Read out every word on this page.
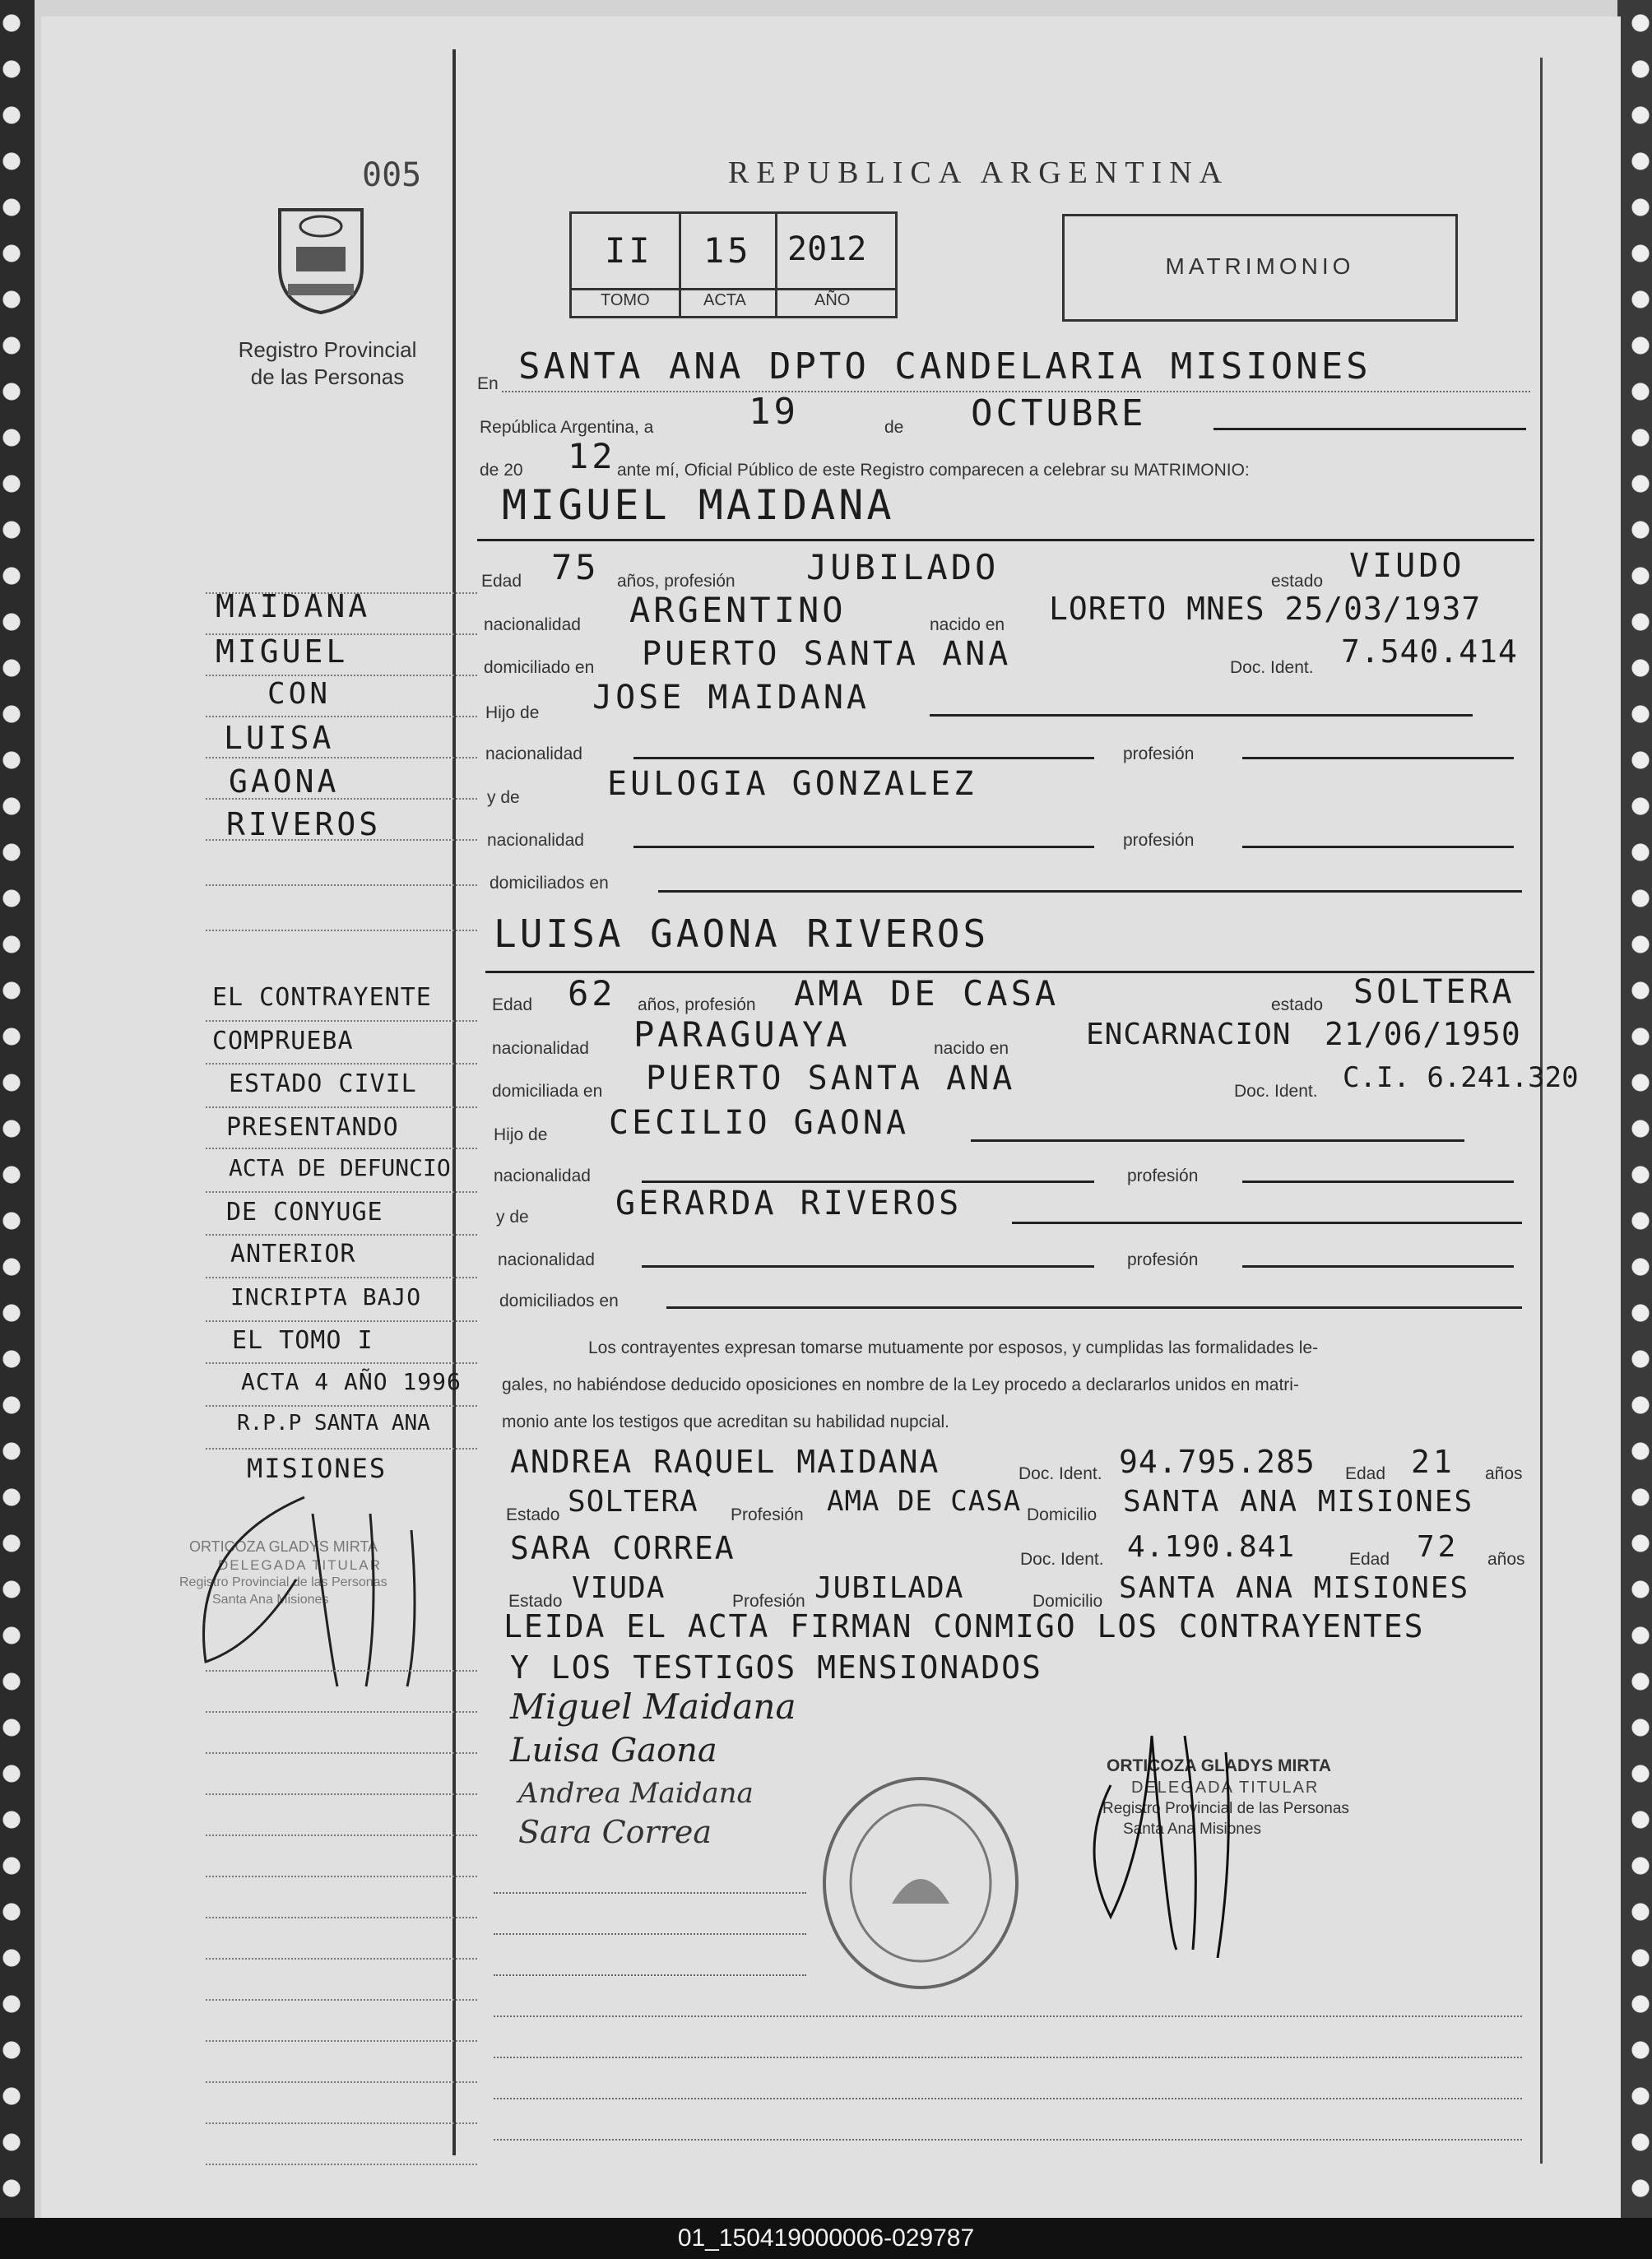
005
Registro Provincial
de las Personas
REPUBLICA ARGENTINA
II 15 2012
TOMO	ACTA	AÑO
MATRIMONIO
En SANTA ANA DPTO CANDELARIA MISIONES
República Argentina, a	19	de OCTUBRE
de 20 12 ante mí, Oficial Público de este Registro comparecen a celebrar su MATRIMONIO:
MIGUEL MAIDANA
Edad 75 años, profesión JUBILADO	estado VIUDO
nacionalidad ARGENTINO	nacido en LORETO MNES 25/03/1937
domiciliado en PUERTO SANTA ANA	Doc. Ident. 7.540.414
Hijo de JOSE MAIDANA
nacionalidad	profesión
y de	EULOGIA GONZALEZ
nacionalidad	profesión
domiciliados en
LUISA GAONA RIVEROS
Edad 62 años, profesión AMA DE CASA	estado SOLTERA
nacionalidad PARAGUAYA	nacido en	ENCARNACION 21/06/1950
domiciliada en PUERTO SANTA ANA	Doc. Ident. C.I. 6.241.320
Hijo de CECILIO GAONA
nacionalidad	profesión
y de	GERARDA RIVEROS
nacionalidad	profesión
domiciliados en
Los contrayentes expresan tomarse mutuamente por esposos, y cumplidas las formalidades le-
gales, no habiéndose deducido oposiciones en nombre de la Ley procedo a declararlos unidos en matri-
monio ante los testigos que acreditan su habilidad nupcial.
ANDREA RAQUEL MAIDANA	Doc. Ident. 94.795.285 Edad 21 años
Estado SOLTERA Profesión AMA DE CASA Domicilio SANTA ANA MISIONES
SARA CORREA	Doc. Ident. 4.190.841	Edad 72 años
Estado VIUDA	Profesión JUBILADA	Domicilio SANTA ANA MISIONES
LEIDA EL ACTA FIRMAN CONMIGO LOS CONTRAYENTES
Y LOS TESTIGOS MENSIONADOS
Miguel Maidana
Luisa Gaona
Andrea Maidana
Sara Correa
ORTICOZA GLADYS MIRTA
DELEGADA TITULAR
Registro Provincial de las Personas
Santa Ana Misiones
ORTICOZA GLADYS MIRTA
DELEGADA TITULAR
Registro Provincial de las Personas
Santa Ana Misiones
MAIDANA
MIGUEL
CON
LUISA
GAONA
RIVEROS
EL CONTRAYENTE
COMPRUEBA
ESTADO CIVIL
PRESENTANDO
ACTA DE DEFUNCIO
DE CONYUGE
ANTERIOR
INCRIPTA BAJO
EL TOMO I
ACTA 4 AÑO 1996
R.P.P SANTA ANA
MISIONES
01_150419000006-029787
